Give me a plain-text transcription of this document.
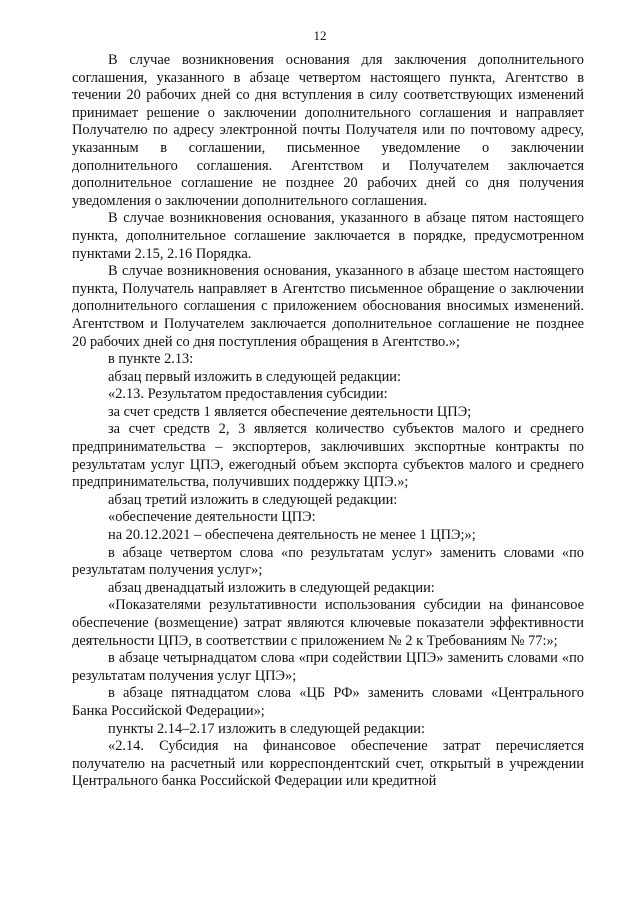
12

В случае возникновения основания для заключения дополнительного соглашения, указанного в абзаце четвертом настоящего пункта, Агентство в течении 20 рабочих дней со дня вступления в силу соответствующих изменений принимает решение о заключении дополнительного соглашения и направляет Получателю по адресу электронной почты Получателя или по почтовому адресу, указанным в соглашении, письменное уведомление о заключении дополнительного соглашения. Агентством и Получателем заключается дополнительное соглашение не позднее 20 рабочих дней со дня получения уведомления о заключении дополнительного соглашения.

В случае возникновения основания, указанного в абзаце пятом настоящего пункта, дополнительное соглашение заключается в порядке, предусмотренном пунктами 2.15, 2.16 Порядка.

В случае возникновения основания, указанного в абзаце шестом настоящего пункта, Получатель направляет в Агентство письменное обращение о заключении дополнительного соглашения с приложением обоснования вносимых изменений. Агентством и Получателем заключается дополнительное соглашение не позднее 20 рабочих дней со дня поступления обращения в Агентство.»;

в пункте 2.13:

абзац первый изложить в следующей редакции:

«2.13. Результатом предоставления субсидии:

за счет средств 1 является обеспечение деятельности ЦПЭ;

за счет средств 2, 3 является количество субъектов малого и среднего предпринимательства – экспортеров, заключивших экспортные контракты по результатам услуг ЦПЭ, ежегодный объем экспорта субъектов малого и среднего предпринимательства, получивших поддержку ЦПЭ.»;

абзац третий изложить в следующей редакции:

«обеспечение деятельности ЦПЭ:

на 20.12.2021 – обеспечена деятельность не менее 1 ЦПЭ;»;

в абзаце четвертом слова «по результатам услуг» заменить словами «по результатам получения услуг»;

абзац двенадцатый изложить в следующей редакции:

«Показателями результативности использования субсидии на финансовое обеспечение (возмещение) затрат являются ключевые показатели эффективности деятельности ЦПЭ, в соответствии с приложением № 2 к Требованиям № 77:»;

в абзаце четырнадцатом слова «при содействии ЦПЭ» заменить словами «по результатам получения услуг ЦПЭ»;

в абзаце пятнадцатом слова «ЦБ РФ» заменить словами «Центрального Банка Российской Федерации»;

пункты 2.14–2.17 изложить в следующей редакции:

«2.14. Субсидия на финансовое обеспечение затрат перечисляется получателю на расчетный или корреспондентский счет, открытый в учреждении Центрального банка Российской Федерации или кредитной
